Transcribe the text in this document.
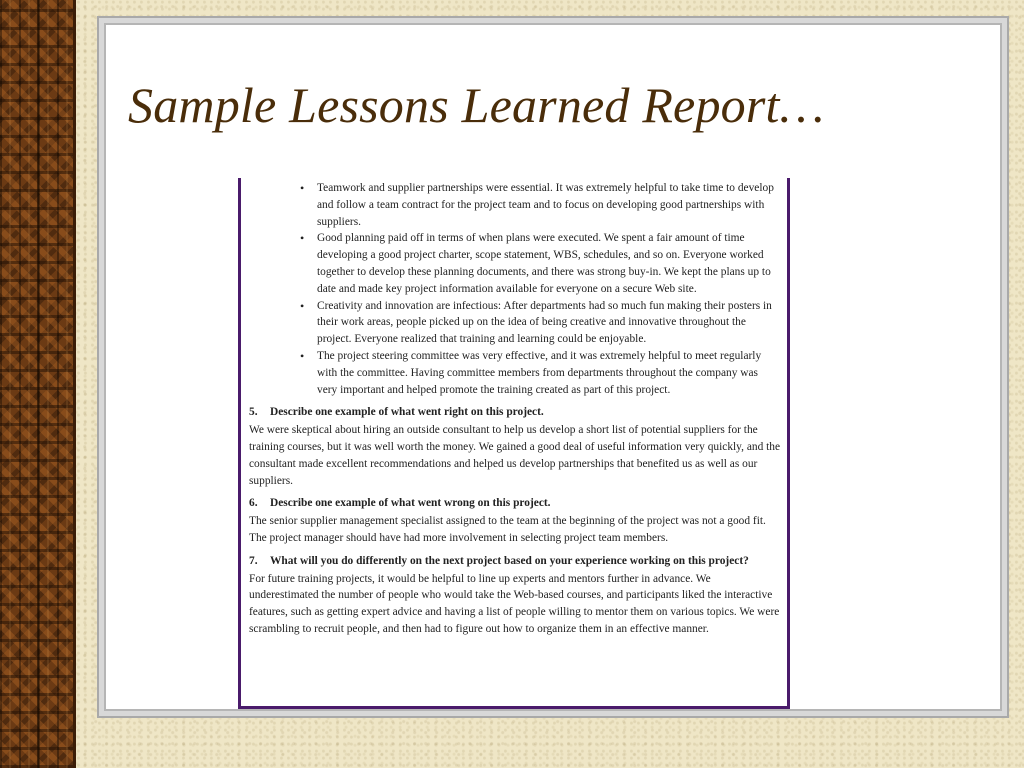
Sample Lessons Learned Report…
• Teamwork and supplier partnerships were essential. It was extremely helpful to take time to develop and follow a team contract for the project team and to focus on developing good partnerships with suppliers.
• Good planning paid off in terms of when plans were executed. We spent a fair amount of time developing a good project charter, scope statement, WBS, schedules, and so on. Everyone worked together to develop these planning documents, and there was strong buy-in. We kept the plans up to date and made key project information available for everyone on a secure Web site.
• Creativity and innovation are infectious: After departments had so much fun making their posters in their work areas, people picked up on the idea of being creative and innovative throughout the project. Everyone realized that training and learning could be enjoyable.
• The project steering committee was very effective, and it was extremely helpful to meet regularly with the committee. Having committee members from departments throughout the company was very important and helped promote the training created as part of this project.
5. Describe one example of what went right on this project.
We were skeptical about hiring an outside consultant to help us develop a short list of potential suppliers for the training courses, but it was well worth the money. We gained a good deal of useful information very quickly, and the consultant made excellent recommendations and helped us develop partnerships that benefited us as well as our suppliers.
6. Describe one example of what went wrong on this project.
The senior supplier management specialist assigned to the team at the beginning of the project was not a good fit. The project manager should have had more involvement in selecting project team members.
7. What will you do differently on the next project based on your experience working on this project?
For future training projects, it would be helpful to line up experts and mentors further in advance. We underestimated the number of people who would take the Web-based courses, and participants liked the interactive features, such as getting expert advice and having a list of people willing to mentor them on various topics. We were scrambling to recruit people, and then had to figure out how to organize them in an effective manner.
